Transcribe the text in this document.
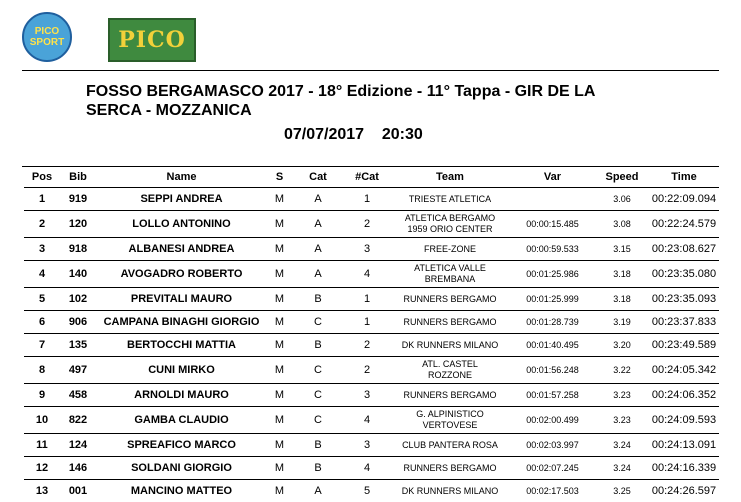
PICO
SPORT PICO
FOSSO BERGAMASCO 2017 - 18° Edizione - 11° Tappa - GIR DE LA
SERCA - MOZZANICA
07/07/2017 20:30
Pos	Bib	Name	S	Cat	#Cat	Team	Var	Speed	Time
1	919	SEPPI ANDREA	M	A	1	TRIESTE ATLETICA		3.06	00:22:09.094
2	120	LOLLO ANTONINO	M	A	2	ATLETICA BERGAMO
1959 ORIO CENTER	00:00:15.485	3.08	00:22:24.579
3	918	ALBANESI ANDREA	M	A	3	FREE-ZONE	00:00:59.533	3.15	00:23:08.627
4	140	AVOGADRO ROBERTO	M	A	4	ATLETICA VALLE
BREMBANA	00:01:25.986	3.18	00:23:35.080
5	102	PREVITALI MAURO	M	B	1	RUNNERS BERGAMO	00:01:25.999	3.18	00:23:35.093
6	906	CAMPANA BINAGHI GIORGIO	M	C	1	RUNNERS BERGAMO	00:01:28.739	3.19	00:23:37.833
7	135	BERTOCCHI MATTIA	M	B	2	DK RUNNERS MILANO	00:01:40.495	3.20	00:23:49.589
8	497	CUNI MIRKO	M	C	2	ATL. CASTEL
ROZZONE	00:01:56.248	3.22	00:24:05.342
9	458	ARNOLDI MAURO	M	C	3	RUNNERS BERGAMO	00:01:57.258	3.23	00:24:06.352
10	822	GAMBA CLAUDIO	M	C	4	G. ALPINISTICO
VERTOVESE	00:02:00.499	3.23	00:24:09.593
11	124	SPREAFICO MARCO	M	B	3	CLUB PANTERA ROSA	00:02:03.997	3.24	00:24:13.091
12	146	SOLDANI GIORGIO	M	B	4	RUNNERS BERGAMO	00:02:07.245	3.24	00:24:16.339
13	001	MANCINO MATTEO	M	A	5	DK RUNNERS MILANO	00:02:17.503	3.25	00:24:26.597
